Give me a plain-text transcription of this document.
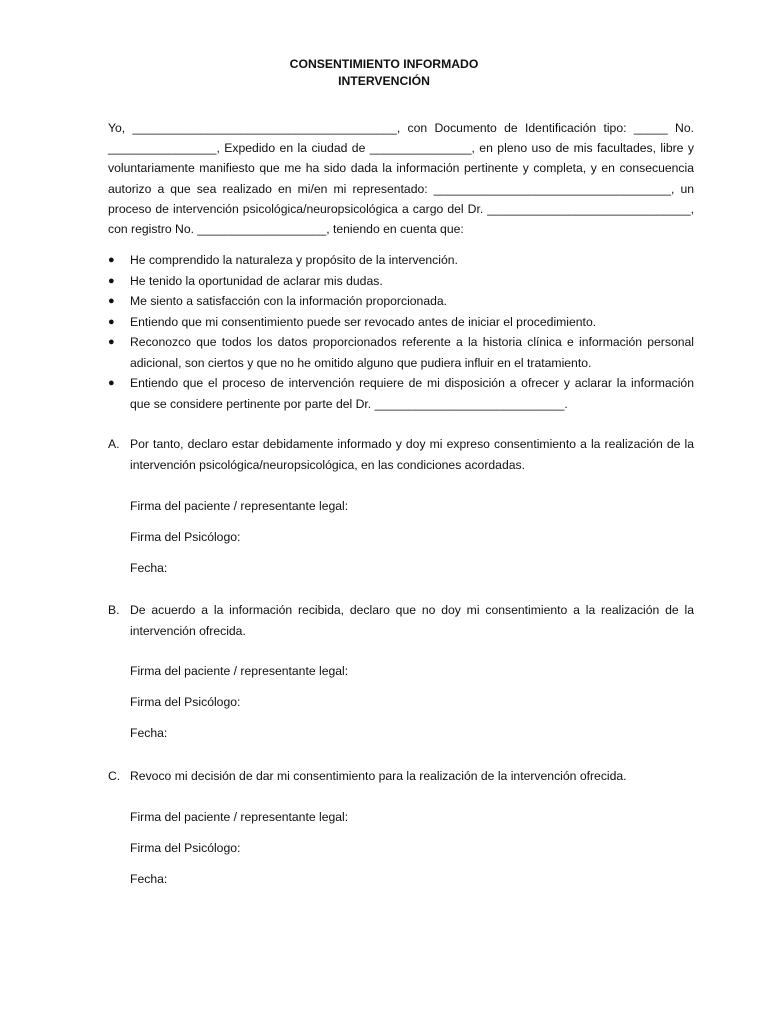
CONSENTIMIENTO INFORMADO
INTERVENCIÓN
Yo, _______________________________________, con Documento de Identificación tipo: _____ No. ________________, Expedido en la ciudad de _______________, en pleno uso de mis facultades, libre y voluntariamente manifiesto que me ha sido dada la información pertinente y completa, y en consecuencia autorizo a que sea realizado en mi/en mi representado: ___________________________________, un proceso de intervención psicológica/neuropsicológica a cargo del Dr. ______________________________, con registro No. ___________________, teniendo en cuenta que:
● He comprendido la naturaleza y propósito de la intervención.
● He tenido la oportunidad de aclarar mis dudas.
● Me siento a satisfacción con la información proporcionada.
● Entiendo que mi consentimiento puede ser revocado antes de iniciar el procedimiento.
● Reconozco que todos los datos proporcionados referente a la historia clínica e información personal adicional, son ciertos y que no he omitido alguno que pudiera influir en el tratamiento.
● Entiendo que el proceso de intervención requiere de mi disposición a ofrecer y aclarar la información que se considere pertinente por parte del Dr. ____________________________.
A. Por tanto, declaro estar debidamente informado y doy mi expreso consentimiento a la realización de la intervención psicológica/neuropsicológica, en las condiciones acordadas.
Firma del paciente / representante legal:
Firma del Psicólogo:
Fecha:
B. De acuerdo a la información recibida, declaro que no doy mi consentimiento a la realización de la intervención ofrecida.
Firma del paciente / representante legal:
Firma del Psicólogo:
Fecha:
C. Revoco mi decisión de dar mi consentimiento para la realización de la intervención ofrecida.
Firma del paciente / representante legal:
Firma del Psicólogo:
Fecha:
